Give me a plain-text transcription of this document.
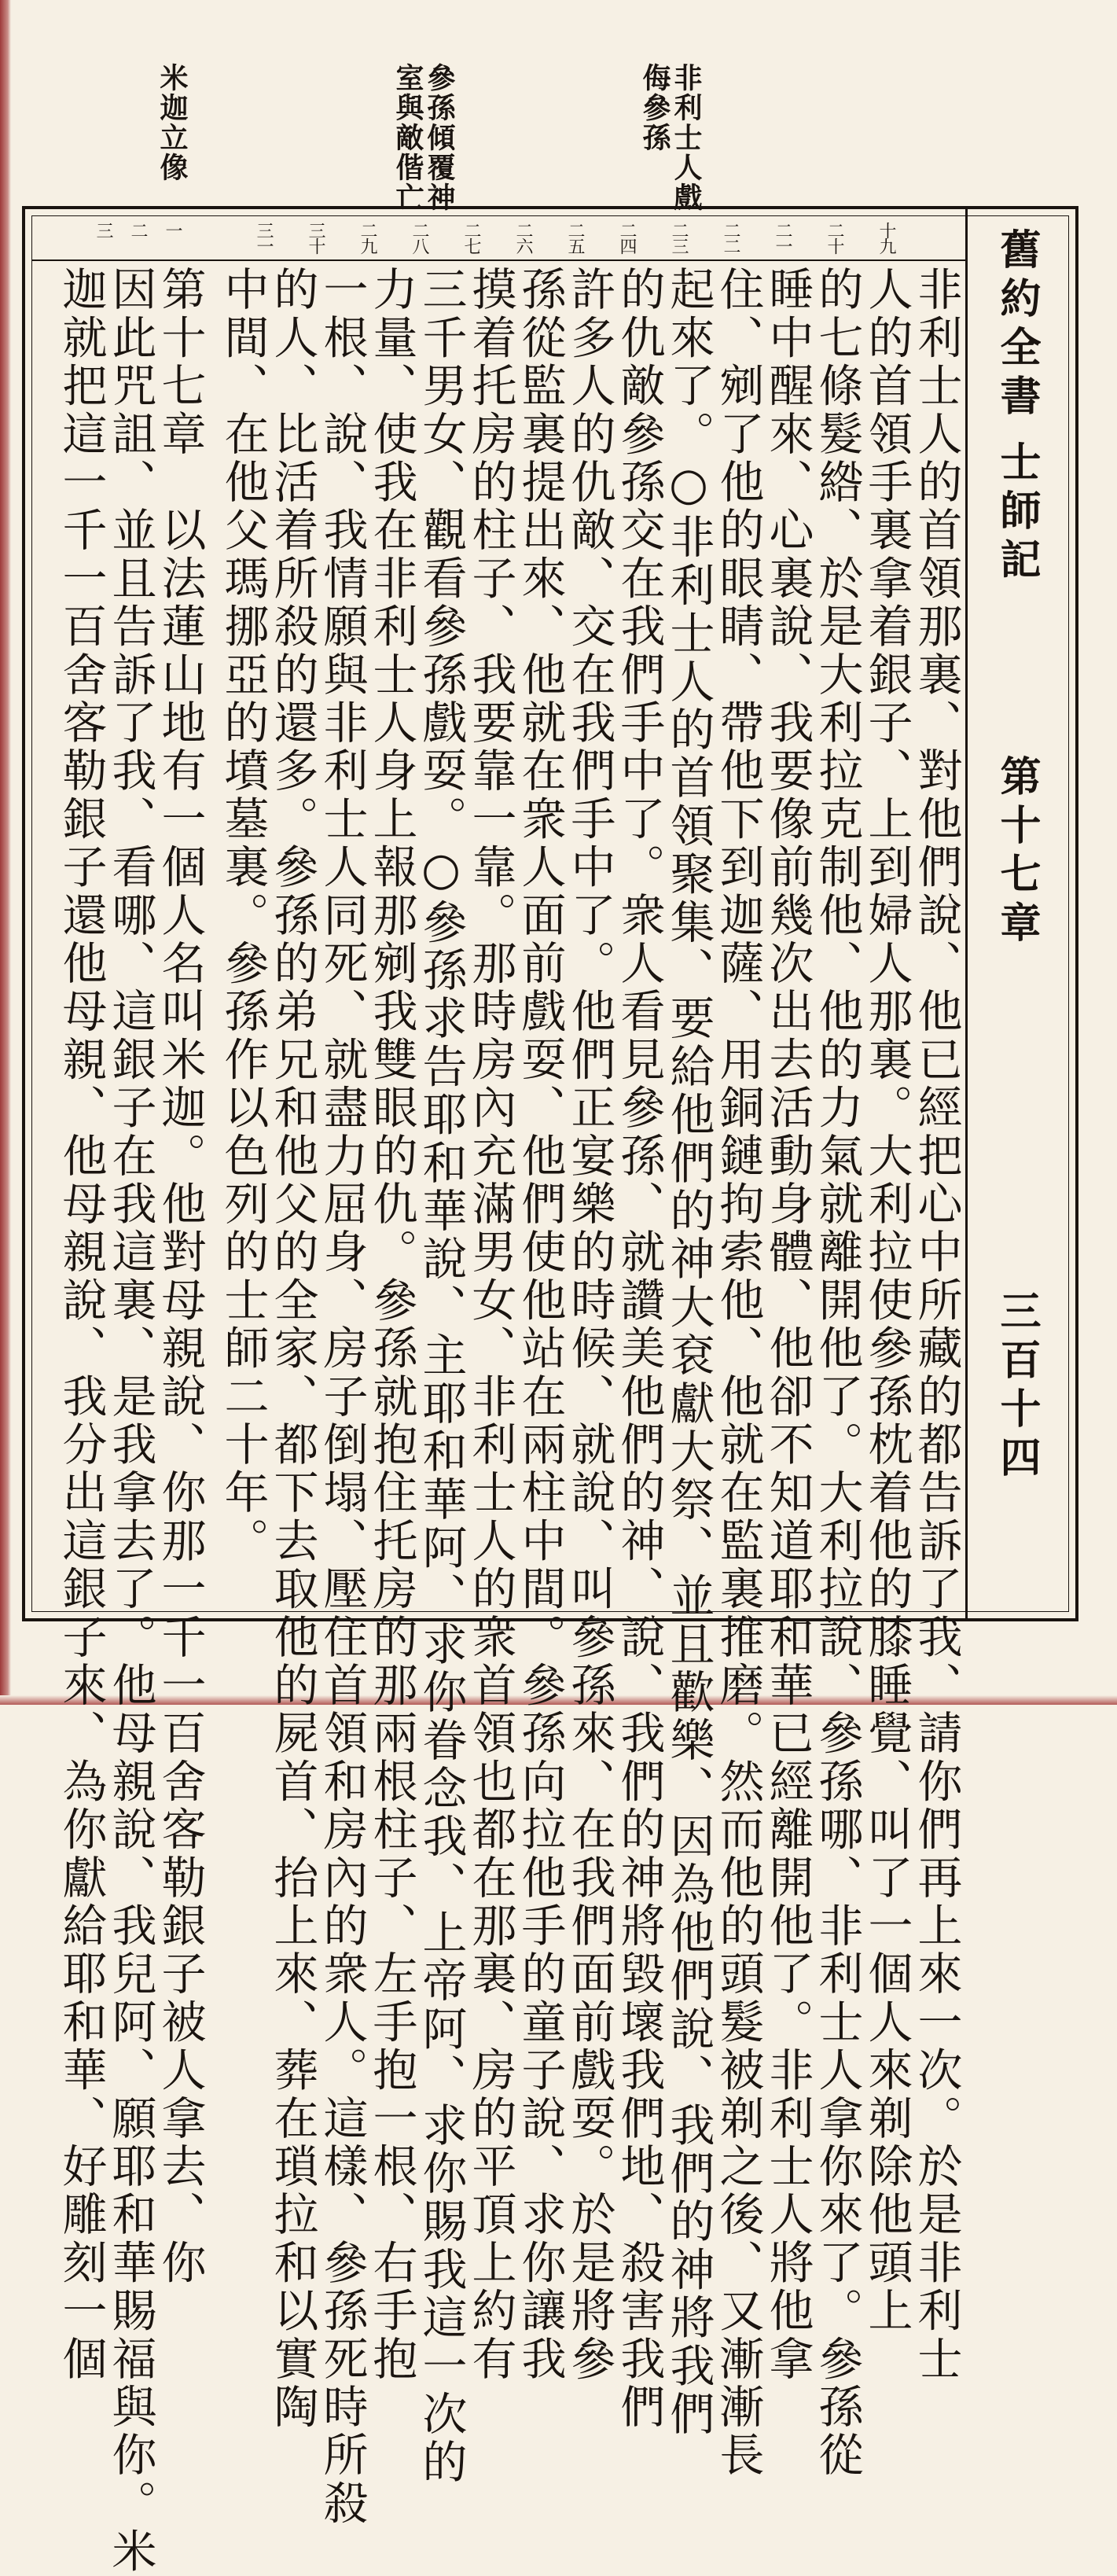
非利士人戲
侮參孫
參孫傾覆神
室與敵偕亡
米迦立像
舊約全書
士師記
第十七章
三百十四
十九
二十
二一
二二
二三
二四
二五
二六
二七
二八
二九
三十
三一
一
二
三
非利士人的首領那裏、對他們說、他已經把心中所藏的都告訴了我、請你們再上來一次。於是非利士
人的首領手裏拿着銀子、上到婦人那裏。大利拉使參孫枕着他的膝睡覺、叫了一個人來剃除他頭上
的七條髮綹、於是大利拉克制他、他的力氣就離開他了。大利拉說、參孫哪、非利士人拿你來了。參孫從
睡中醒來、心裏說、我要像前幾次出去活動身體、他卻不知道耶和華已經離開他了。非利士人將他拿
住、剜了他的眼睛、帶他下到迦薩、用銅鏈拘索他、他就在監裏推磨。然而他的頭髮被剃之後、又漸漸長
起來了。○非利士人的首領聚集、要給他們的神大袞獻大祭、並且歡樂、因為他們說、我們的神將我們
的仇敵參孫交在我們手中了。衆人看見參孫、就讚美他們的神、說、我們的神將毀壞我們地、殺害我們
許多人的仇敵、交在我們手中了。他們正宴樂的時候、就說、叫參孫來、在我們面前戲耍。於是將參
孫從監裏提出來、他就在衆人面前戲耍、他們使他站在兩柱中間。參孫向拉他手的童子說、求你讓我
摸着托房的柱子、我要靠一靠。那時房內充滿男女、非利士人的衆首領也都在那裏、房的平頂上約有
三千男女、觀看參孫戲耍。○參孫求告耶和華說、主耶和華阿、求你眷念我、上帝阿、求你賜我這一次的
力量、使我在非利士人身上報那剜我雙眼的仇。參孫就抱住托房的那兩根柱子、左手抱一根、右手抱
一根、說、我情願與非利士人同死、就盡力屈身、房子倒塌、壓住首領和房內的衆人。這樣、參孫死時所殺
的人、比活着所殺的還多。參孫的弟兄和他父的全家、都下去取他的屍首、抬上來、葬在瑣拉和以實陶
中間、在他父瑪挪亞的墳墓裏。參孫作以色列的士師二十年。
第十七章　以法蓮山地有一個人名叫米迦。他對母親說、你那一千一百舍客勒銀子被人拿去、你
因此咒詛、並且告訴了我、看哪、這銀子在我這裏、是我拿去了。他母親說、我兒阿、願耶和華賜福與你。米
迦就把這一千一百舍客勒銀子還他母親、他母親說、我分出這銀子來、為你獻給耶和華、好雕刻一個
